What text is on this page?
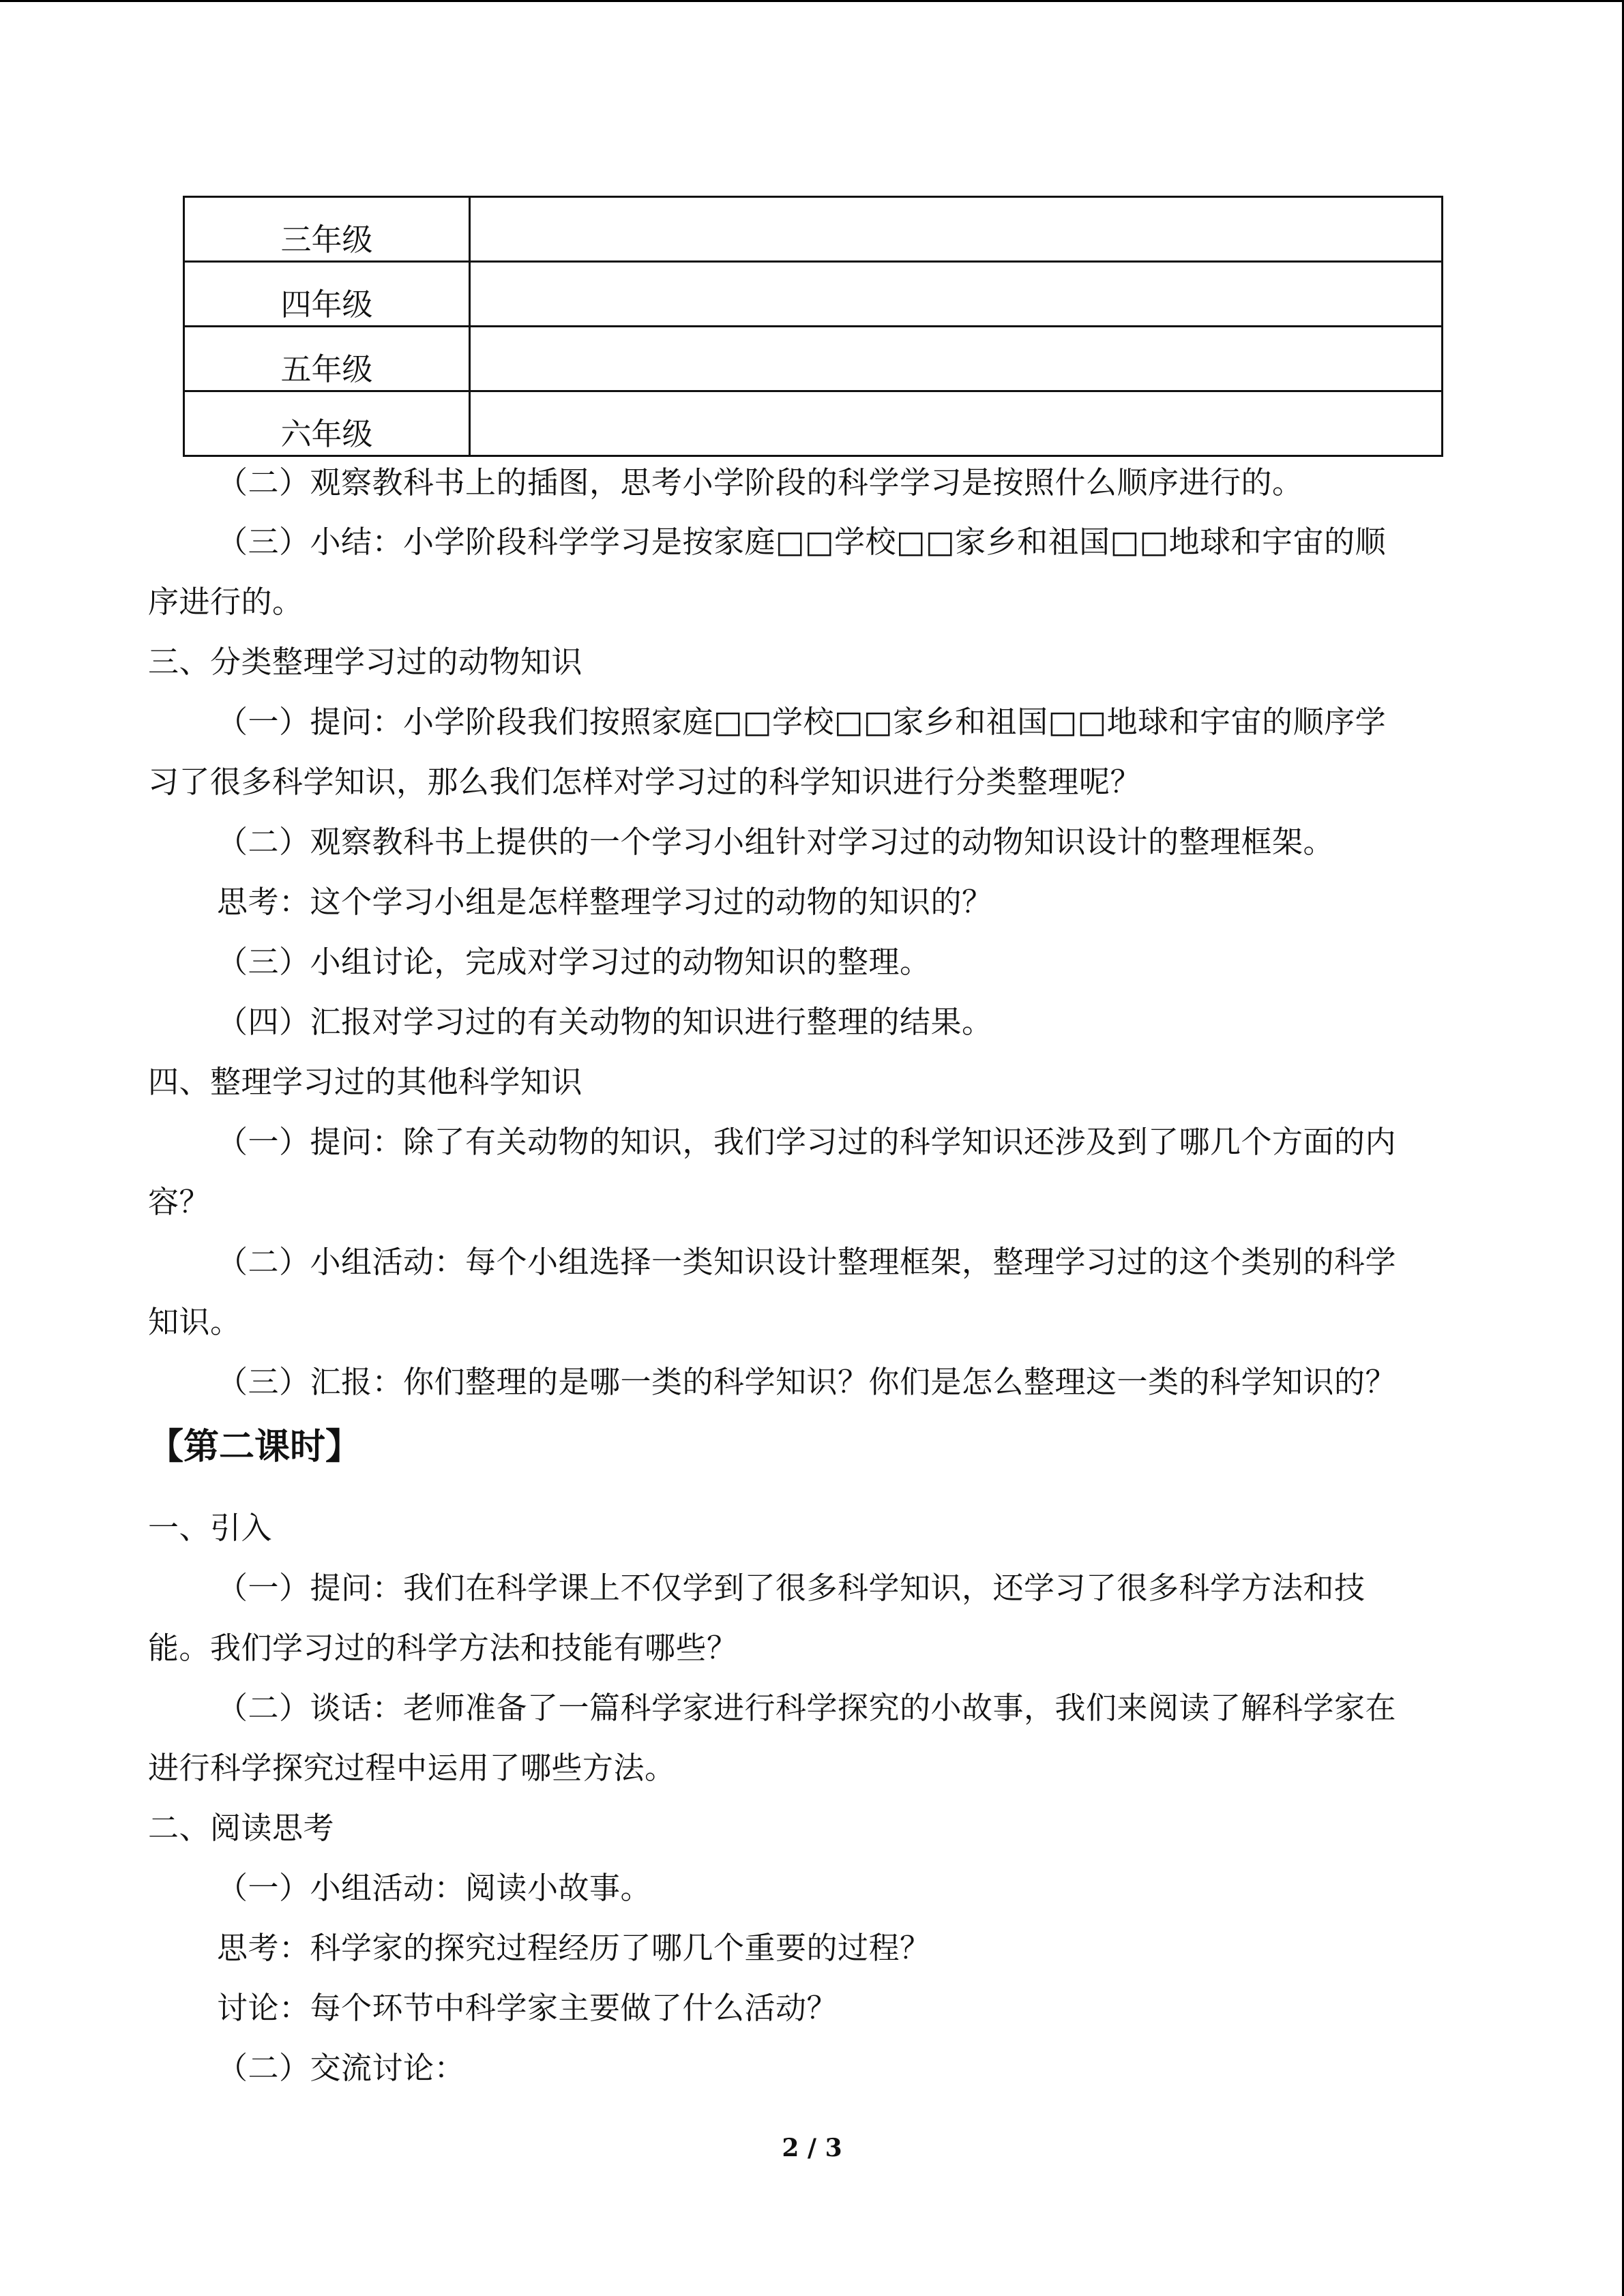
三年级	
四年级	
五年级	
六年级	
（二）观察教科书上的插图，思考小学阶段的科学学习是按照什么顺序进行的。
（三）小结：小学阶段科学学习是按家庭□□学校□□家乡和祖国□□地球和宇宙的顺
序进行的。
三、分类整理学习过的动物知识
（一）提问：小学阶段我们按照家庭□□学校□□家乡和祖国□□地球和宇宙的顺序学
习了很多科学知识，那么我们怎样对学习过的科学知识进行分类整理呢？
（二）观察教科书上提供的一个学习小组针对学习过的动物知识设计的整理框架。
思考：这个学习小组是怎样整理学习过的动物的知识的？
（三）小组讨论，完成对学习过的动物知识的整理。
（四）汇报对学习过的有关动物的知识进行整理的结果。
四、整理学习过的其他科学知识
（一）提问：除了有关动物的知识，我们学习过的科学知识还涉及到了哪几个方面的内
容？
（二）小组活动：每个小组选择一类知识设计整理框架，整理学习过的这个类别的科学
知识。
（三）汇报：你们整理的是哪一类的科学知识？你们是怎么整理这一类的科学知识的？
【第二课时】
一、引入
（一）提问：我们在科学课上不仅学到了很多科学知识，还学习了很多科学方法和技
能。我们学习过的科学方法和技能有哪些？
（二）谈话：老师准备了一篇科学家进行科学探究的小故事，我们来阅读了解科学家在
进行科学探究过程中运用了哪些方法。
二、阅读思考
（一）小组活动：阅读小故事。
思考：科学家的探究过程经历了哪几个重要的过程？
讨论：每个环节中科学家主要做了什么活动？
（二）交流讨论：
2 / 3
